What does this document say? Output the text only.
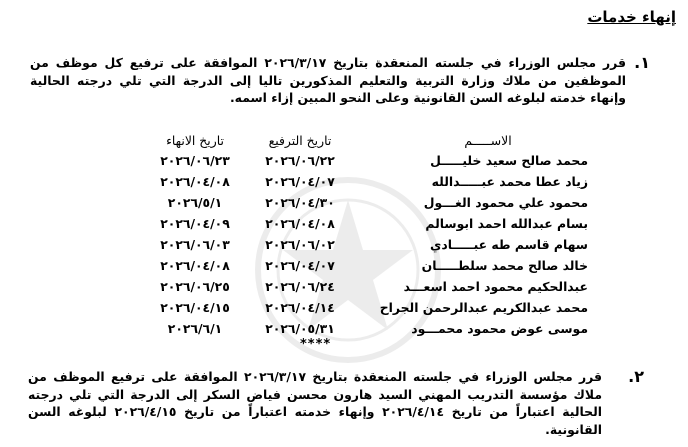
إنهاء خدمات
١.
قرر مجلس الوزراء في جلسته المنعقدة بتاريخ ٢٠٢٦/٣/١٧ الموافقة على ترفيع كل موظف من الموظفين من ملاك وزارة التربية والتعليم المذكورين تاليا إلى الدرجة التي تلي درجته الحالية وإنهاء خدمته لبلوغه السن القانونية وعلى النحو المبين إزاء اسمه.
الاســـــم
تاريخ الترفيع
تاريخ الانهاء
محمد صالح سعيد خليـــــل
٢٠٢٦/٠٦/٢٢
٢٠٢٦/٠٦/٢٣
زياد عطا محمد عبـــــدالله
٢٠٢٦/٠٤/٠٧
٢٠٢٦/٠٤/٠٨
محمود علي محمود الغـــول
٢٠٢٦/٠٤/٣٠
٢٠٢٦/٥/١
بسام عبدالله احمد ابوسالم
٢٠٢٦/٠٤/٠٨
٢٠٢٦/٠٤/٠٩
سهام قاسم طه عبـــــادي
٢٠٢٦/٠٦/٠٢
٢٠٢٦/٠٦/٠٣
خالد صالح محمد سلطـــــان
٢٠٢٦/٠٤/٠٧
٢٠٢٦/٠٤/٠٨
عبدالحكيم محمود احمد اسعـــد
٢٠٢٦/٠٦/٢٤
٢٠٢٦/٠٦/٢٥
محمد عبدالكريم عبدالرحمن الجراح
٢٠٢٦/٠٤/١٤
٢٠٢٦/٠٤/١٥
موسى عوض محمود محمـــود
٢٠٢٦/٠٥/٣١
٢٠٢٦/٦/١
****
٢.
قرر مجلس الوزراء في جلسته المنعقدة بتاريخ ٢٠٢٦/٣/١٧ الموافقة على ترفيع الموظف من ملاك مؤسسة التدريب المهني السيد هارون محسن فياض السكر إلى الدرجة التي تلي درجته الحالية اعتباراً من تاريخ ٢٠٢٦/٤/١٤ وإنهاء خدمته اعتباراً من تاريخ ٢٠٢٦/٤/١٥ لبلوغه السن القانونية.
